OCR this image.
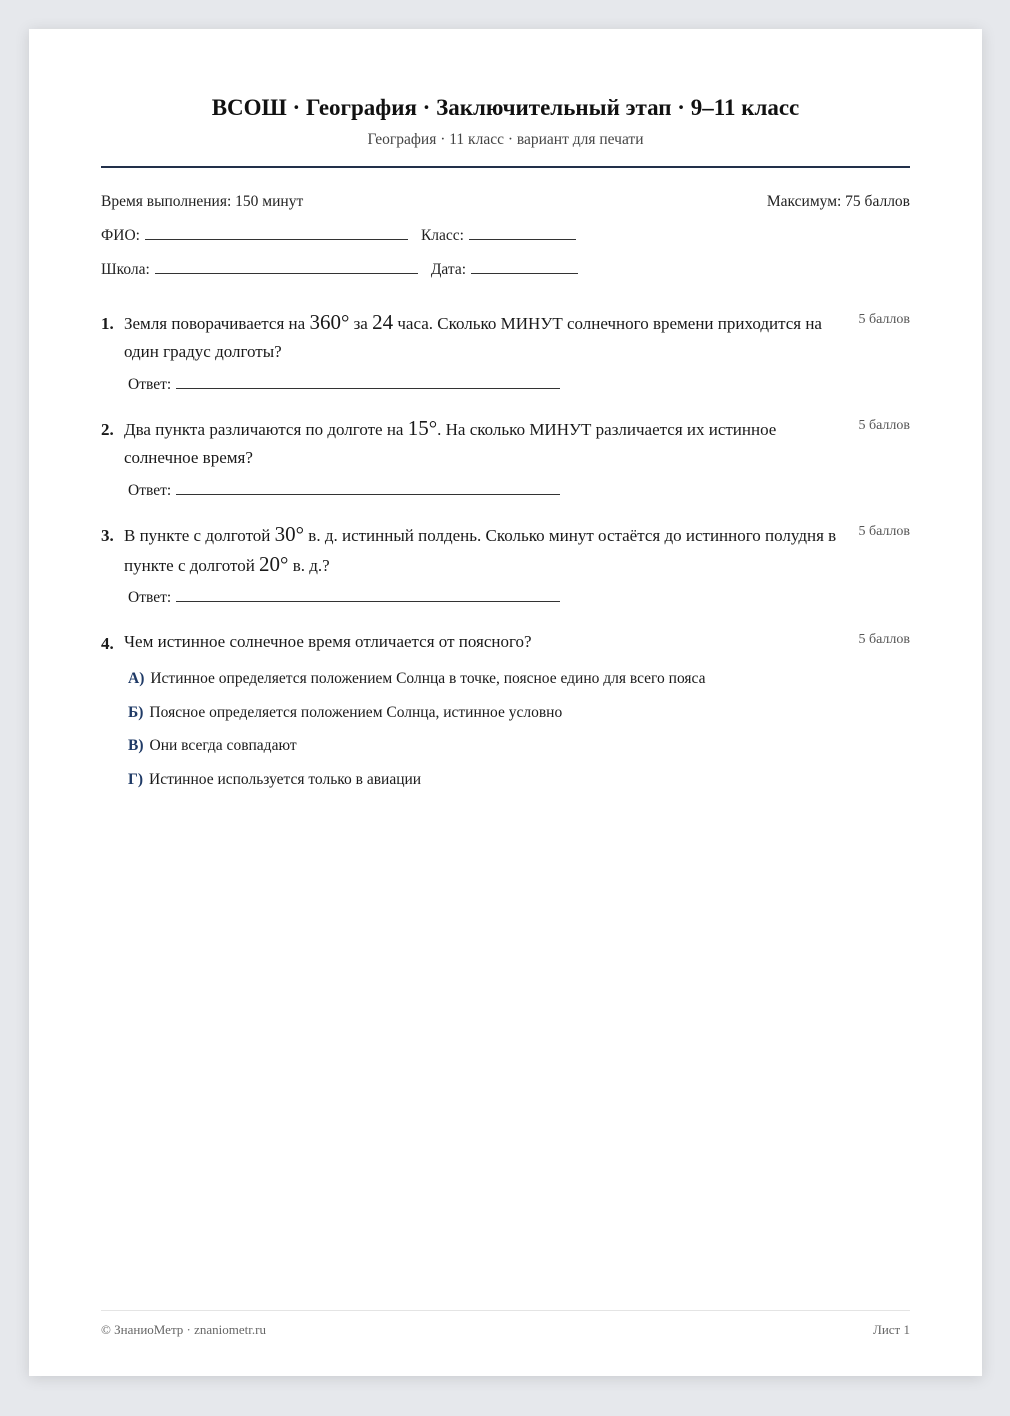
ВСОШ · География · Заключительный этап · 9–11 класс
География · 11 класс · вариант для печати
Время выполнения: 150 минут	Максимум: 75 баллов
ФИО:	Класс:
Школа:	Дата:
1. Земля поворачивается на 360° за 24 часа. Сколько МИНУТ солнечного времени приходится на один градус долготы?
5 баллов
Ответ:
2. Два пункта различаются по долготе на 15°. На сколько МИНУТ различается их истинное солнечное время?
5 баллов
Ответ:
3. В пункте с долготой 30° в. д. истинный полдень. Сколько минут остаётся до истинного полудня в пункте с долготой 20° в. д.?
5 баллов
Ответ:
4. Чем истинное солнечное время отличается от поясного?	5 баллов
А) Истинное определяется положением Солнца в точке, поясное едино для всего пояса
Б) Поясное определяется положением Солнца, истинное условно
В) Они всегда совпадают
Г) Истинное используется только в авиации
© ЗнаниоМетр · znaniometr.ru	Лист 1
